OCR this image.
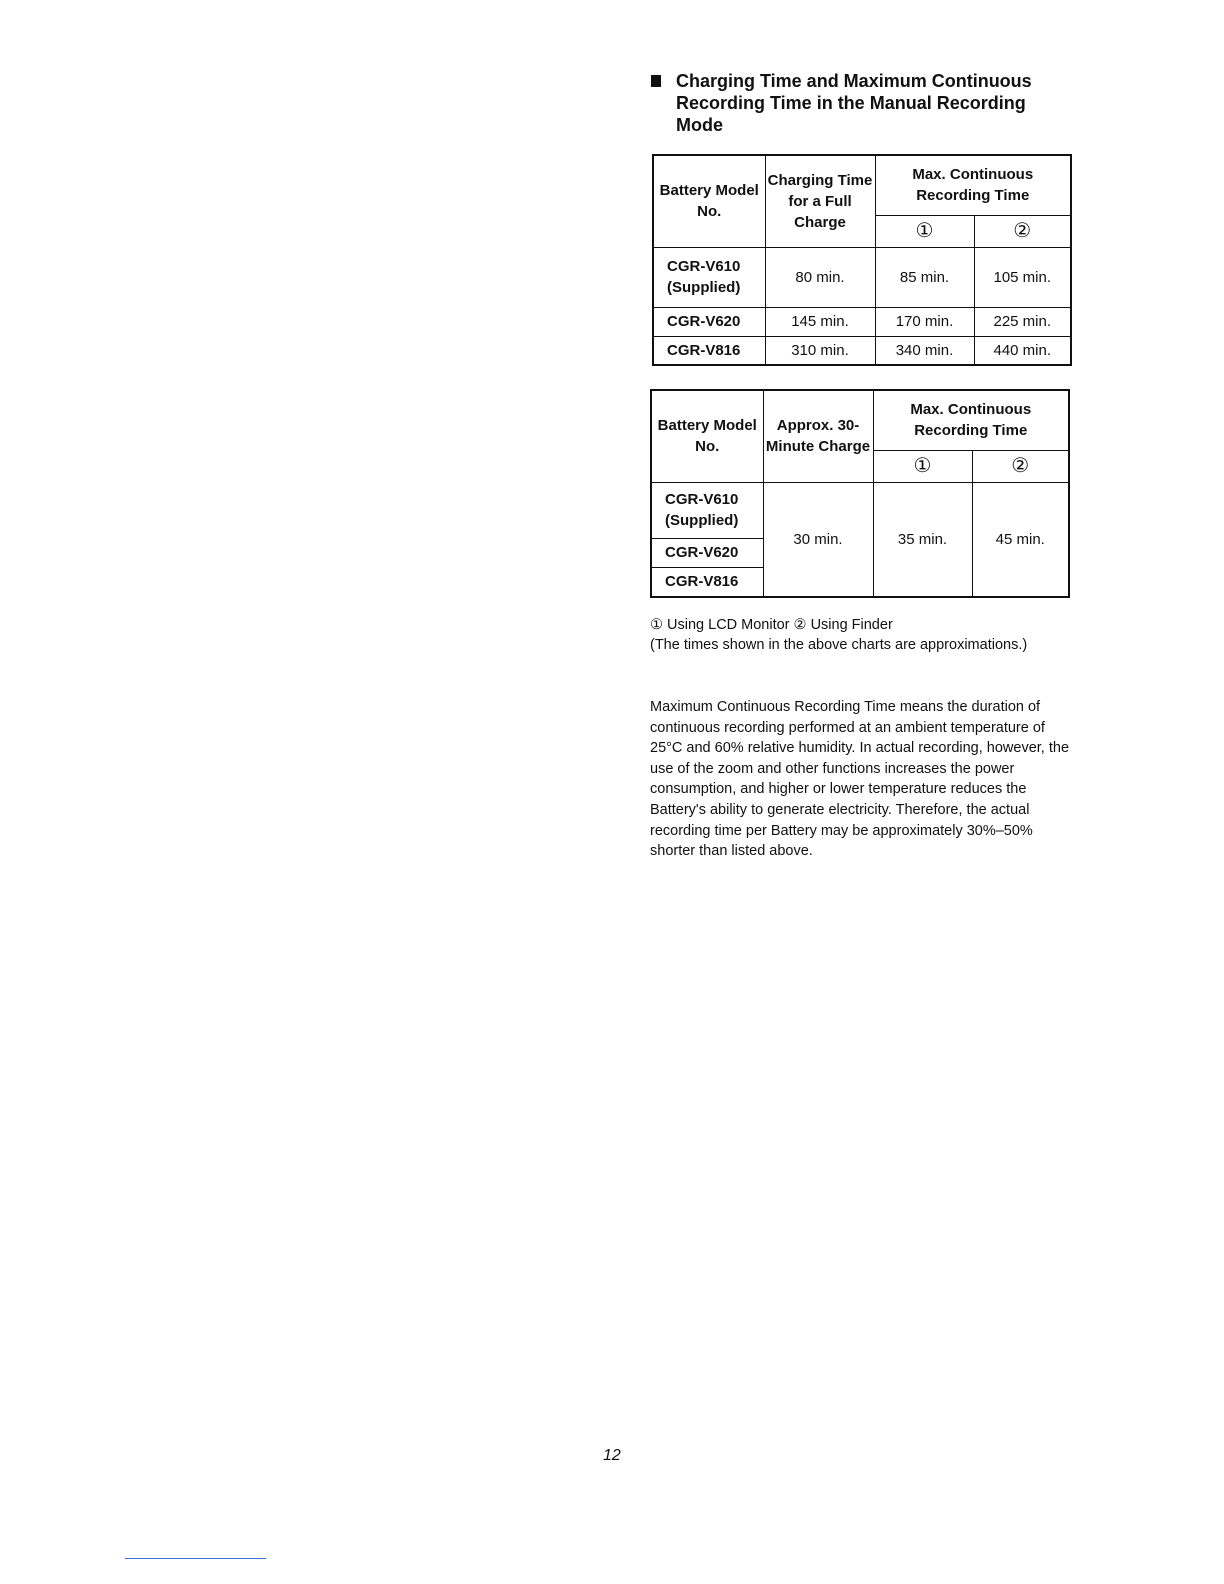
Charging Time and Maximum Continuous Recording Time in the Manual Recording Mode
Battery Model No.	Charging Time for a Full Charge	Max. Continuous Recording Time	
		①	②
CGR-V610 (Supplied)	80 min.	85 min.	105 min.
CGR-V620	145 min.	170 min.	225 min.
CGR-V816	310 min.	340 min.	440 min.
Battery Model No.	Approx. 30-Minute Charge	Max. Continuous Recording Time	
		①	②
CGR-V610 (Supplied)	30 min.	35 min.	45 min.
CGR-V620			
CGR-V816			
① Using LCD Monitor ② Using Finder
(The times shown in the above charts are approximations.)
Maximum Continuous Recording Time means the duration of continuous recording performed at an ambient temperature of 25°C and 60% relative humidity. In actual recording, however, the use of the zoom and other functions increases the power consumption, and higher or lower temperature reduces the Battery's ability to generate electricity. Therefore, the actual recording time per Battery may be approximately 30%–50% shorter than listed above.
12
